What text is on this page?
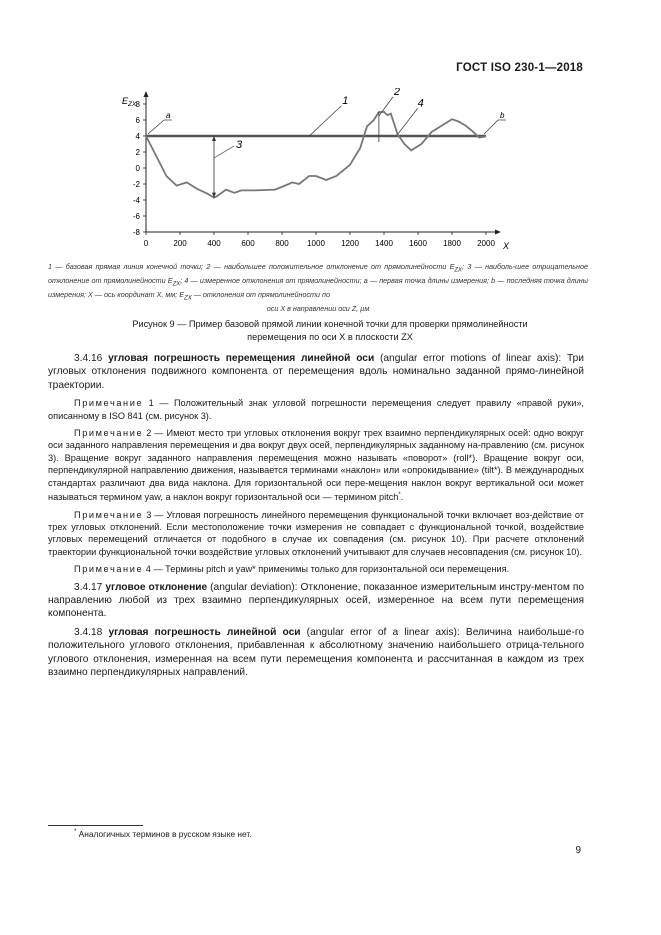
ГОСТ ISO 230-1—2018
8
6
4
2
0
-2
-4
-6
-8
0	200	400	600	800 1000 1200 1400 1600 1800 2000
a	b
1
3
2
4
$E_{ZX}$
X
1 — базовая прямая линия конечной точки; 2 — наибольшее положительное отклонение от прямолинейности $E_{ZX}$; 3 — наиболь-шее отрицательное отклонение от прямолинейности $E_{ZX}$; 4 — измеренное отклонения от прямолинейности; a — первая точка длины измерения; b — последняя точка длины измерения; X — ось координат X, мм; $E_{ZX}$ — отклонения от прямолинейности по
оси X в направлении оси Z, µм
Рисунок 9 — Пример базовой прямой линии конечной точки для проверки прямолинейности
перемещения по оси X в плоскости ZX

3.4.16 угловая погрешность перемещения линейной оси (angular error motions of linear axis): Три угловых отклонения подвижного компонента от перемещения вдоль номинально заданной прямо-линейной траектории.

Примечание 1 — Положительный знак угловой погрешности перемещения следует правилу «правой руки», описанному в ISO 841 (см. рисунок 3).

Примечание 2 — Имеют место три угловых отклонения вокруг трех взаимно перпендикулярных осей: одно вокруг оси заданного направления перемещения и два вокруг двух осей, перпендикулярных заданному на-правлению (см. рисунок 3). Вращение вокруг заданного направления перемещения можно называть «поворот» (roll*). Вращение вокруг оси, перпендикулярной направлению движения, называется терминами «наклон» или «опрокидывание» (tilt*). В международных стандартах различают два вида наклона. Для горизонтальной оси пере-мещения наклон вокруг вертикальной оси может называться термином yaw, а наклон вокруг горизонтальной оси — термином pitch*.

Примечание 3 — Угловая погрешность линейного перемещения функциональной точки включает воз-действие от трех угловых отклонений. Если местоположение точки измерения не совпадает с функциональной точкой, воздействие угловых перемещений отличается от подобного в случае их совпадения (см. рисунок 10). При расчете отклонений траектории функциональной точки воздействие угловых отклонений учитывают для случаев несовпадения (см. рисунок 10).

Примечание 4 — Термины pitch и yaw* применимы только для горизонтальной оси перемещения.

3.4.17 угловое отклонение (angular deviation): Отклонение, показанное измерительным инстру-ментом по направлению любой из трех взаимно перпендикулярных осей, измеренное на всем пути перемещения компонента.

3.4.18 угловая погрешность линейной оси (angular error of a linear axis): Величина наибольше-го положительного углового отклонения, прибавленная к абсолютному значению наибольшего отрица-тельного углового отклонения, измеренная на всем пути перемещения компонента и рассчитанная в каждом из трех взаимно перпендикулярных направлений.

* Аналогичных терминов в русском языке нет.
9
